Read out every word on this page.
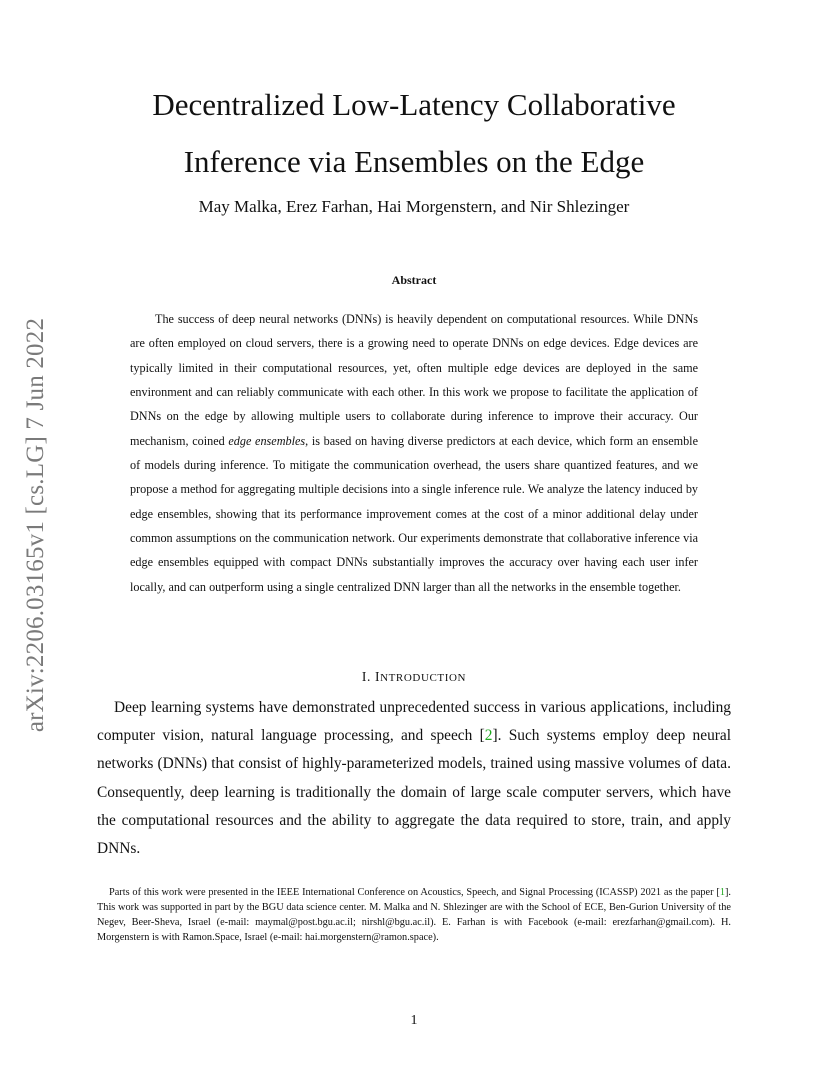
arXiv:2206.03165v1 [cs.LG] 7 Jun 2022
Decentralized Low-Latency Collaborative
Inference via Ensembles on the Edge

May Malka, Erez Farhan, Hai Morgenstern, and Nir Shlezinger

Abstract

The success of deep neural networks (DNNs) is heavily dependent on computational resources. While DNNs are often employed on cloud servers, there is a growing need to operate DNNs on edge devices. Edge devices are typically limited in their computational resources, yet, often multiple edge devices are deployed in the same environment and can reliably communicate with each other. In this work we propose to facilitate the application of DNNs on the edge by allowing multiple users to collaborate during inference to improve their accuracy. Our mechanism, coined edge ensembles, is based on having diverse predictors at each device, which form an ensemble of models during inference. To mitigate the communication overhead, the users share quantized features, and we propose a method for aggregating multiple decisions into a single inference rule. We analyze the latency induced by edge ensembles, showing that its performance improvement comes at the cost of a minor additional delay under common assumptions on the communication network. Our experiments demonstrate that collaborative inference via edge ensembles equipped with compact DNNs substantially improves the accuracy over having each user infer locally, and can outperform using a single centralized DNN larger than all the networks in the ensemble together.

I. INTRODUCTION

Deep learning systems have demonstrated unprecedented success in various applications, including computer vision, natural language processing, and speech [2]. Such systems employ deep neural networks (DNNs) that consist of highly-parameterized models, trained using massive volumes of data. Consequently, deep learning is traditionally the domain of large scale computer servers, which have the computational resources and the ability to aggregate the data required to store, train, and apply DNNs.

Parts of this work were presented in the IEEE International Conference on Acoustics, Speech, and Signal Processing (ICASSP) 2021 as the paper [1]. This work was supported in part by the BGU data science center. M. Malka and N. Shlezinger are with the School of ECE, Ben-Gurion University of the Negev, Beer-Sheva, Israel (e-mail: maymal@post.bgu.ac.il; nirshl@bgu.ac.il). E. Farhan is with Facebook (e-mail: erezfarhan@gmail.com). H. Morgenstern is with Ramon.Space, Israel (e-mail: hai.morgenstern@ramon.space).

1
